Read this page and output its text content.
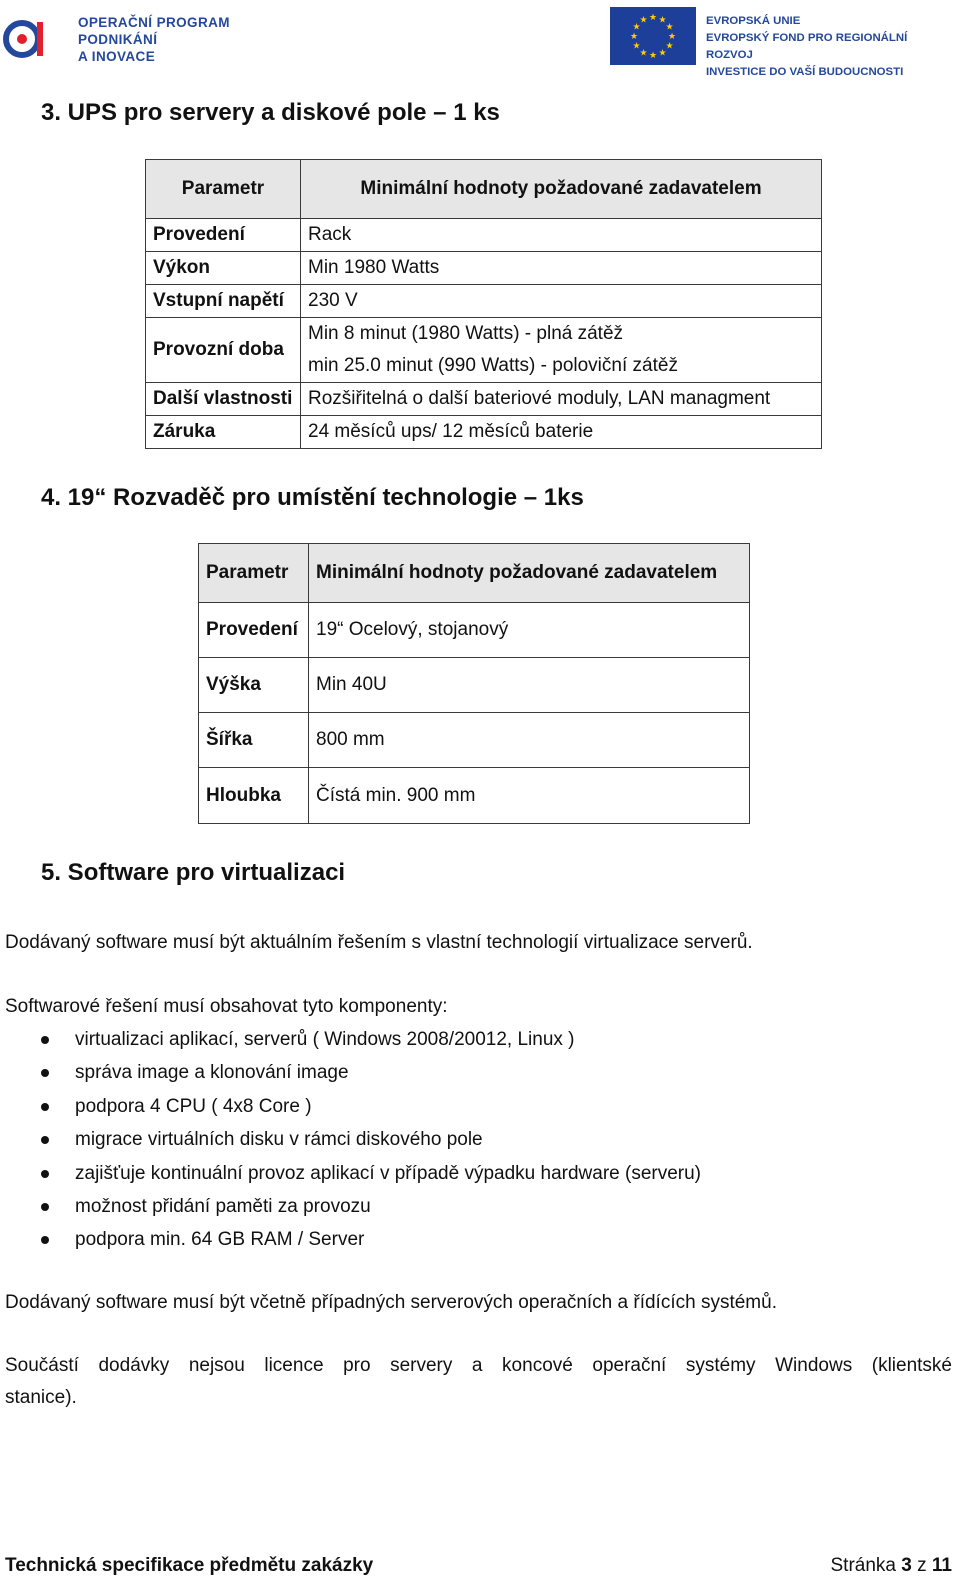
OPERAČNÍ PROGRAM
PODNIKÁNÍ
A INOVACE
★ ★
★
★
★
★
★
★
★
★
★
★	EVROPSKÁ UNIE
EVROPSKÝ FOND PRO REGIONÁLNÍ ROZVOJ
INVESTICE DO VAŠÍ BUDOUCNOSTI
3. UPS pro servery a diskové pole – 1 ks
Parametr	Minimální hodnoty požadované zadavatelem
Provedení	Rack
Výkon	Min 1980 Watts
Vstupní napětí	230 V
Provozní doba	Min 8 minut (1980 Watts) - plná zátěž
min 25.0 minut (990 Watts) - poloviční zátěž

Další vlastnosti	Rozšiřitelná o další bateriové moduly, LAN managment
Záruka	24 měsíců ups/ 12 měsíců baterie
4. 19“ Rozvaděč pro umístění technologie – 1ks
Parametr	Minimální hodnoty požadované zadavatelem
Provedení	19“ Ocelový, stojanový
Výška	Min 40U
Šířka	800 mm
Hloubka	Čístá min. 900 mm
5. Software pro virtualizaci

Dodávaný software musí být aktuálním řešením s vlastní technologií virtualizace serverů.

Softwarové řešení musí obsahovat tyto komponenty:

virtualizaci aplikací, serverů ( Windows 2008/20012, Linux )
správa image a klonování image
podpora 4 CPU ( 4x8 Core )
migrace virtuálních disku v rámci diskového pole
zajišťuje kontinuální provoz aplikací v případě výpadku hardware (serveru)
možnost přidání paměti za provozu
podpora min. 64 GB RAM / Server

Dodávaný software musí být včetně případných serverových operačních a řídících systémů.

Součástí dodávky nejsou licence pro servery a koncové operační systémy Windows (klientské

stanice).

Technická specifikace předmětu zakázky	Stránka 3 z 11
